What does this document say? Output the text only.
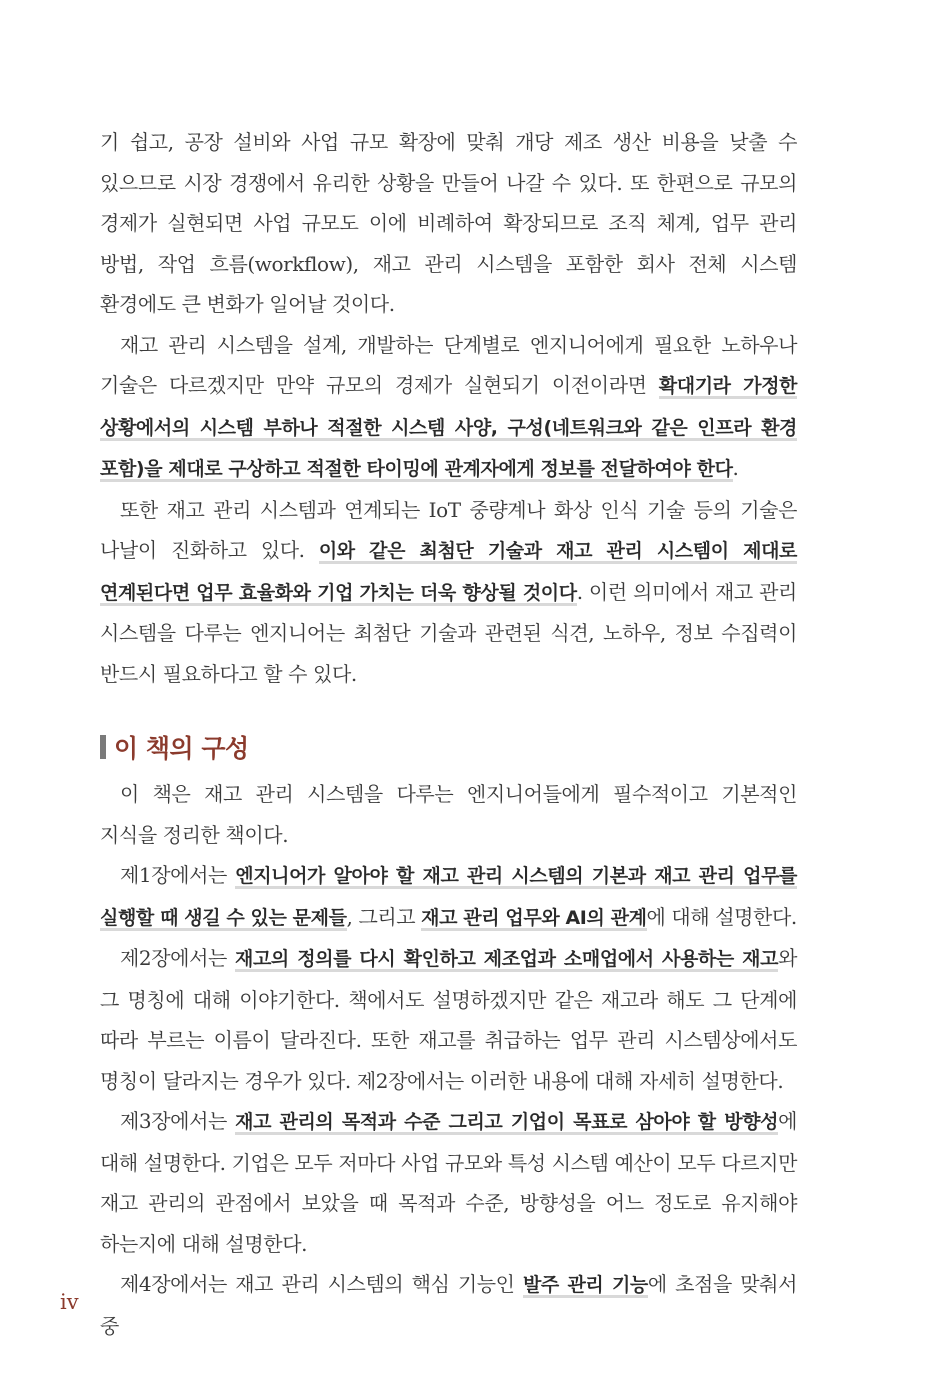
기 쉽고, 공장 설비와 사업 규모 확장에 맞춰 개당 제조 생산 비용을 낮출 수 있으므로 시장 경쟁에서 유리한 상황을 만들어 나갈 수 있다. 또 한편으로 규모의 경제가 실현되면 사업 규모도 이에 비례하여 확장되므로 조직 체계, 업무 관리 방법, 작업 흐름(workflow), 재고 관리 시스템을 포함한 회사 전체 시스템 환경에도 큰 변화가 일어날 것이다.

재고 관리 시스템을 설계, 개발하는 단계별로 엔지니어에게 필요한 노하우나 기술은 다르겠지만 만약 규모의 경제가 실현되기 이전이라면 확대기라 가정한 상황에서의 시스템 부하나 적절한 시스템 사양, 구성(네트워크와 같은 인프라 환경 포함)을 제대로 구상하고 적절한 타이밍에 관계자에게 정보를 전달하여야 한다.

또한 재고 관리 시스템과 연계되는 IoT 중량계나 화상 인식 기술 등의 기술은 나날이 진화하고 있다. 이와 같은 최첨단 기술과 재고 관리 시스템이 제대로 연계된다면 업무 효율화와 기업 가치는 더욱 향상될 것이다. 이런 의미에서 재고 관리 시스템을 다루는 엔지니어는 최첨단 기술과 관련된 식견, 노하우, 정보 수집력이 반드시 필요하다고 할 수 있다.

이 책의 구성

이 책은 재고 관리 시스템을 다루는 엔지니어들에게 필수적이고 기본적인 지식을 정리한 책이다.

제1장에서는 엔지니어가 알아야 할 재고 관리 시스템의 기본과 재고 관리 업무를 실행할 때 생길 수 있는 문제들, 그리고 재고 관리 업무와 AI의 관계에 대해 설명한다.

제2장에서는 재고의 정의를 다시 확인하고 제조업과 소매업에서 사용하는 재고와 그 명칭에 대해 이야기한다. 책에서도 설명하겠지만 같은 재고라 해도 그 단계에 따라 부르는 이름이 달라진다. 또한 재고를 취급하는 업무 관리 시스템상에서도 명칭이 달라지는 경우가 있다. 제2장에서는 이러한 내용에 대해 자세히 설명한다.

제3장에서는 재고 관리의 목적과 수준 그리고 기업이 목표로 삼아야 할 방향성에 대해 설명한다. 기업은 모두 저마다 사업 규모와 특성 시스템 예산이 모두 다르지만 재고 관리의 관점에서 보았을 때 목적과 수준, 방향성을 어느 정도로 유지해야 하는지에 대해 설명한다.

제4장에서는 재고 관리 시스템의 핵심 기능인 발주 관리 기능에 초점을 맞춰서 중

iv
